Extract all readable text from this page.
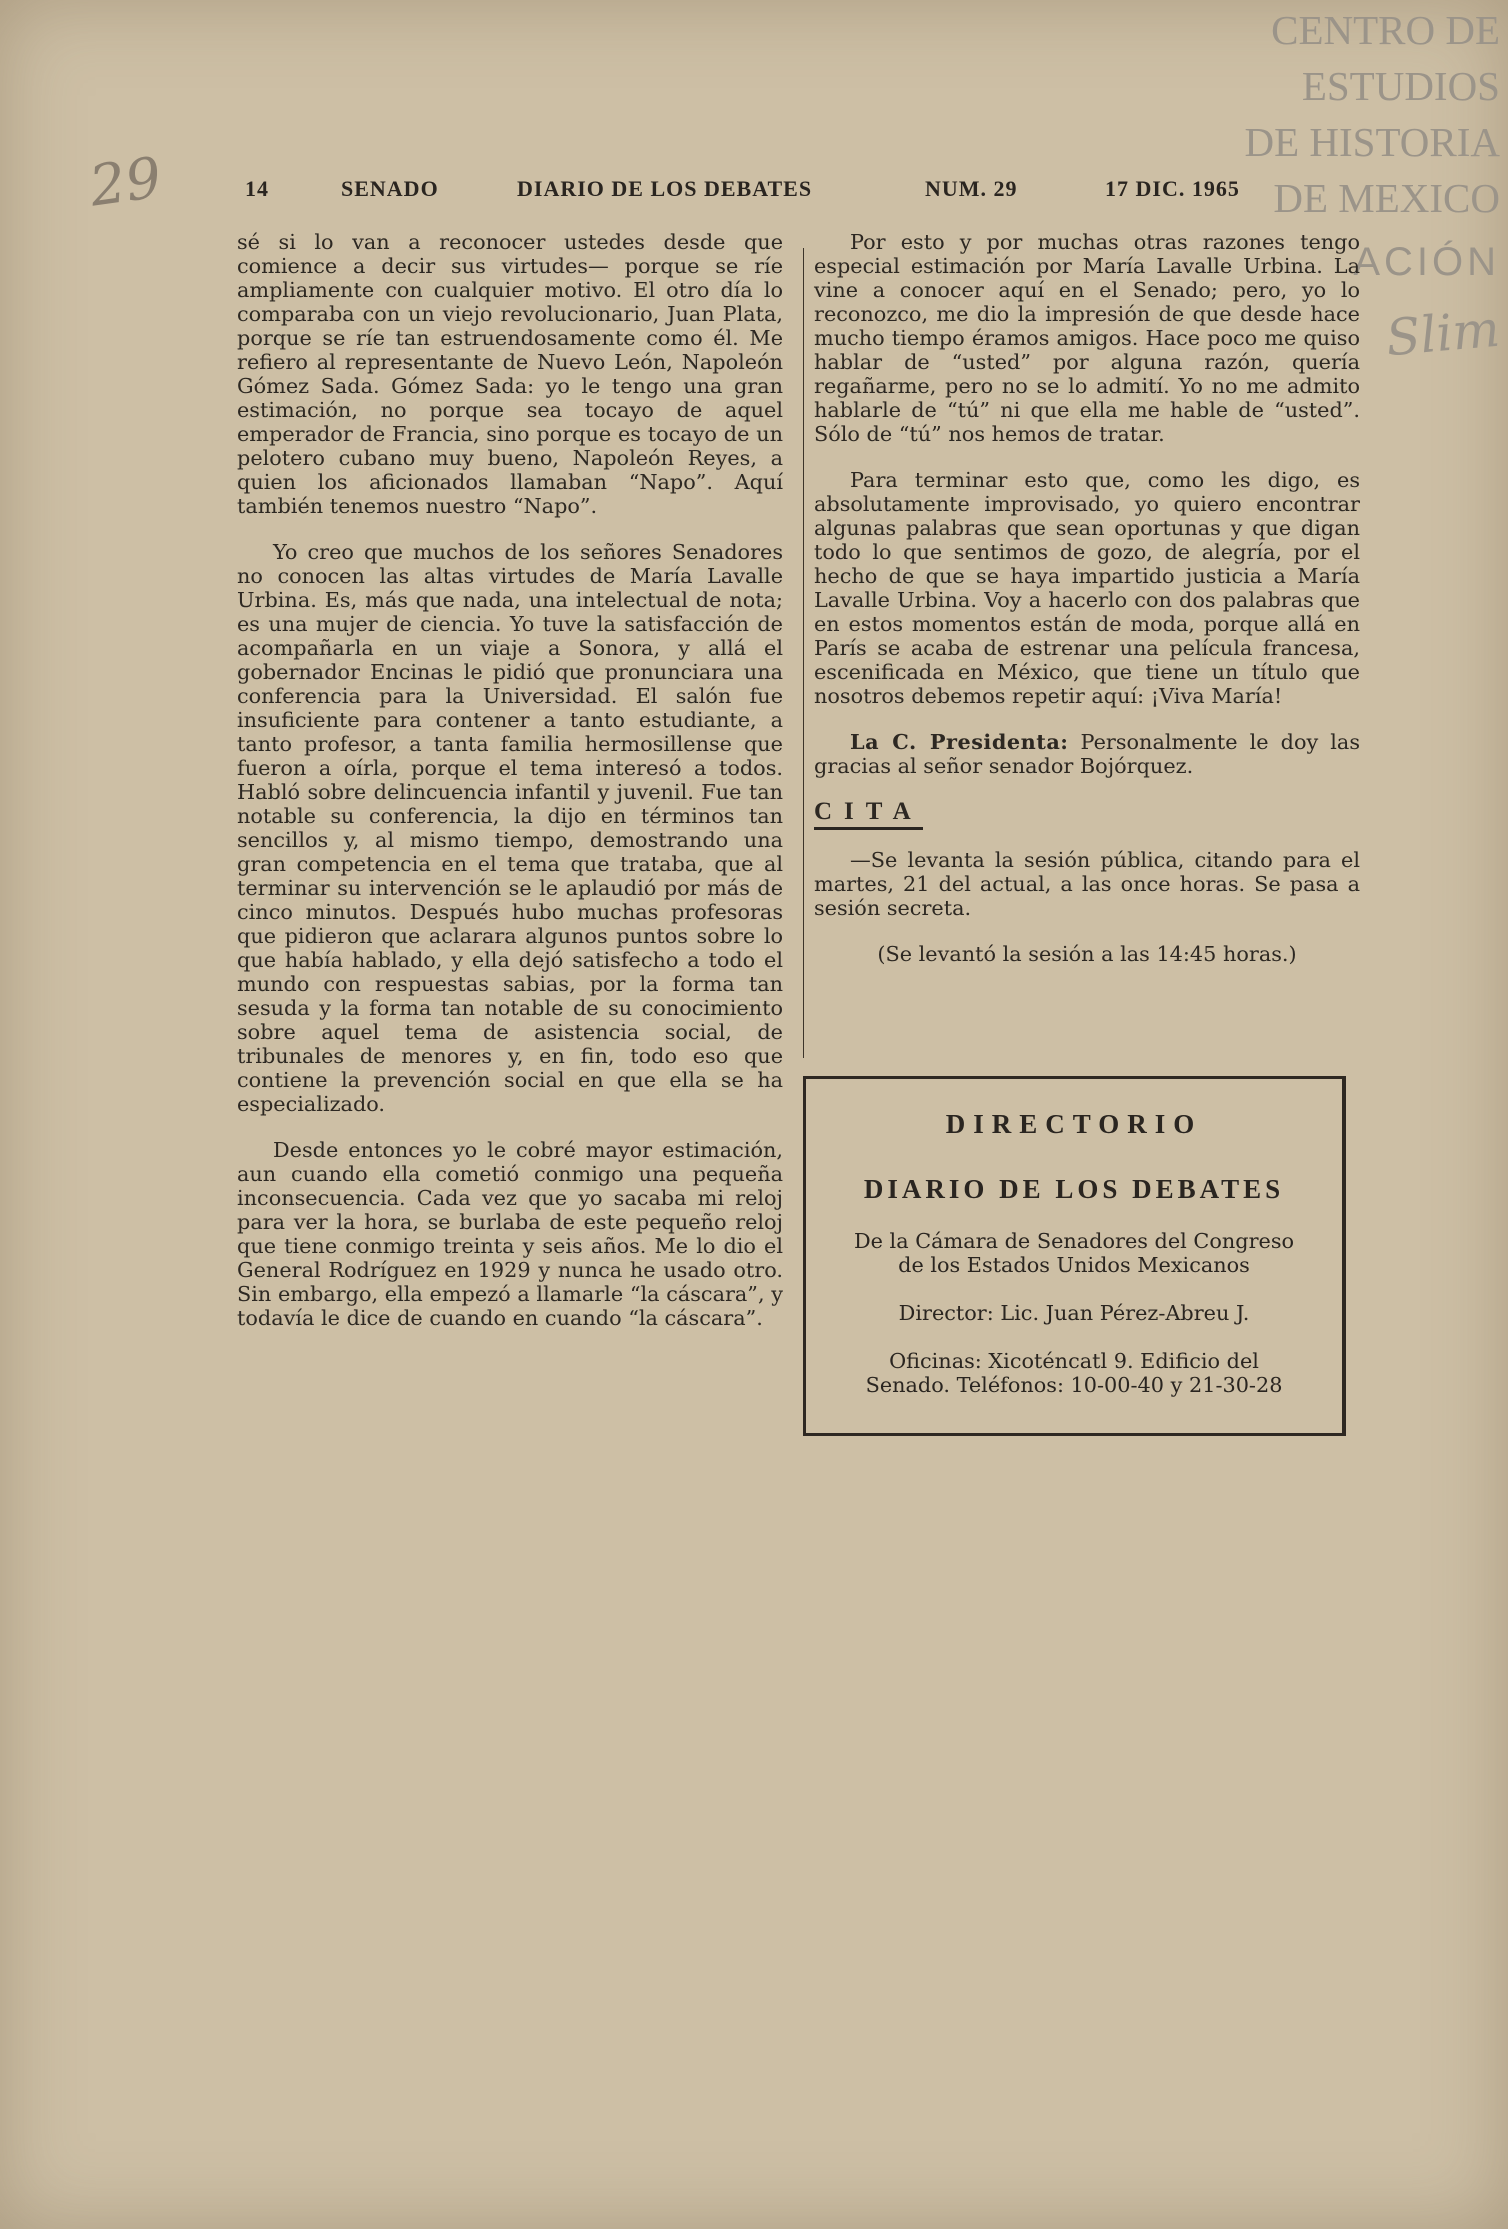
29
CENTRO DE
ESTUDIOS
DE HISTORIA
DE MEXICO
ACIÓN
Slim
14	SENADO	DIARIO DE LOS DEBATES	NUM. 29	17 DIC. 1965

sé si lo van a reconocer ustedes desde que comience a decir sus virtudes— porque se ríe ampliamente con cualquier motivo. El otro día lo comparaba con un viejo revolucionario, Juan Plata, porque se ríe tan estruendosamente como él. Me refiero al representante de Nuevo León, Napoleón Gómez Sada. Gómez Sada: yo le tengo una gran estimación, no porque sea tocayo de aquel emperador de Francia, sino porque es tocayo de un pelotero cubano muy bueno, Napoleón Reyes, a quien los aficionados llamaban “Napo”. Aquí también tenemos nuestro “Napo”.

Yo creo que muchos de los señores Senadores no conocen las altas virtudes de María Lavalle Urbina. Es, más que nada, una intelectual de nota; es una mujer de ciencia. Yo tuve la satisfacción de acompañarla en un viaje a Sonora, y allá el gobernador Encinas le pidió que pronunciara una conferencia para la Universidad. El salón fue insuficiente para contener a tanto estudiante, a tanto profesor, a tanta familia hermosillense que fueron a oírla, porque el tema interesó a todos. Habló sobre delincuencia infantil y juvenil. Fue tan notable su conferencia, la dijo en términos tan sencillos y, al mismo tiempo, demostrando una gran competencia en el tema que trataba, que al terminar su intervención se le aplaudió por más de cinco minutos. Después hubo muchas profesoras que pidieron que aclarara algunos puntos sobre lo que había hablado, y ella dejó satisfecho a todo el mundo con respuestas sabias, por la forma tan sesuda y la forma tan notable de su conocimiento sobre aquel tema de asistencia social, de tribunales de menores y, en fin, todo eso que contiene la prevención social en que ella se ha especializado.

Desde entonces yo le cobré mayor estimación, aun cuando ella cometió conmigo una pequeña inconsecuencia. Cada vez que yo sacaba mi reloj para ver la hora, se burlaba de este pequeño reloj que tiene conmigo treinta y seis años. Me lo dio el General Rodríguez en 1929 y nunca he usado otro. Sin embargo, ella empezó a llamarle “la cáscara”, y todavía le dice de cuando en cuando “la cáscara”.

Por esto y por muchas otras razones tengo especial estimación por María Lavalle Urbina. La vine a conocer aquí en el Senado; pero, yo lo reconozco, me dio la impresión de que desde hace mucho tiempo éramos amigos. Hace poco me quiso hablar de “usted” por alguna razón, quería regañarme, pero no se lo admití. Yo no me admito hablarle de “tú” ni que ella me hable de “usted”. Sólo de “tú” nos hemos de tratar.

Para terminar esto que, como les digo, es absolutamente improvisado, yo quiero encontrar algunas palabras que sean oportunas y que digan todo lo que sentimos de gozo, de alegría, por el hecho de que se haya impartido justicia a María Lavalle Urbina. Voy a hacerlo con dos palabras que en estos momentos están de moda, porque allá en París se acaba de estrenar una película francesa, escenificada en México, que tiene un título que nosotros debemos repetir aquí: ¡Viva María!

La C. Presidenta: Personalmente le doy las gracias al señor senador Bojórquez.

CITA

—Se levanta la sesión pública, citando para el martes, 21 del actual, a las once horas. Se pasa a sesión secreta.

(Se levantó la sesión a las 14:45 horas.)

DIRECTORIO
DIARIO DE LOS DEBATES
De la Cámara de Senadores del Congreso
de los Estados Unidos Mexicanos
Director: Lic. Juan Pérez-Abreu J.
Oficinas: Xicoténcatl 9. Edificio del
Senado. Teléfonos: 10-00-40 y 21-30-28
